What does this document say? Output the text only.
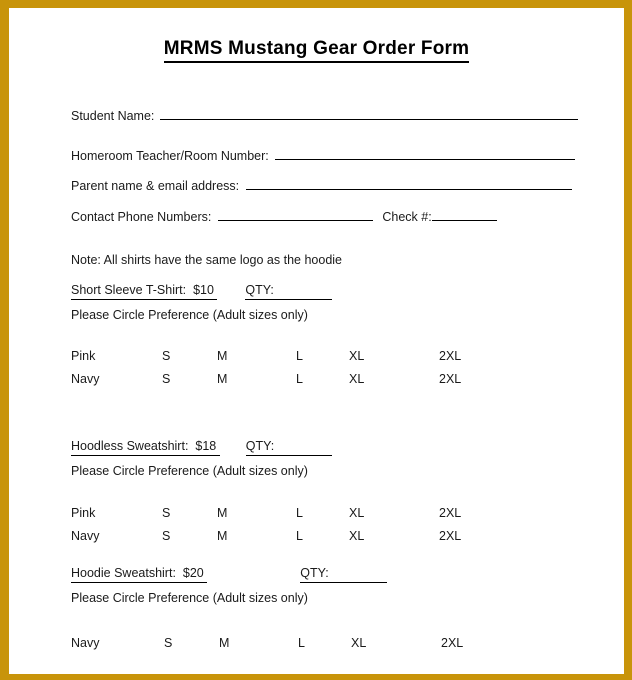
MRMS Mustang Gear Order Form
Student Name:
Homeroom Teacher/Room Number:
Parent name & email address:
Contact Phone Numbers:	Check #:
Note: All shirts have the same logo as the hoodie
Short Sleeve T-Shirt: $10	QTY:
Please Circle Preference (Adult sizes only)
Pink	S	M	L	XL	2XL
Navy	S	M	L	XL	2XL
Hoodless Sweatshirt: $18 QTY:
Please Circle Preference (Adult sizes only)
Pink	S	M	L	XL	2XL
Navy	S	M	L	XL	2XL
Hoodie Sweatshirt: $20	QTY:
Please Circle Preference (Adult sizes only)
Navy	S	M	L	XL	2XL
